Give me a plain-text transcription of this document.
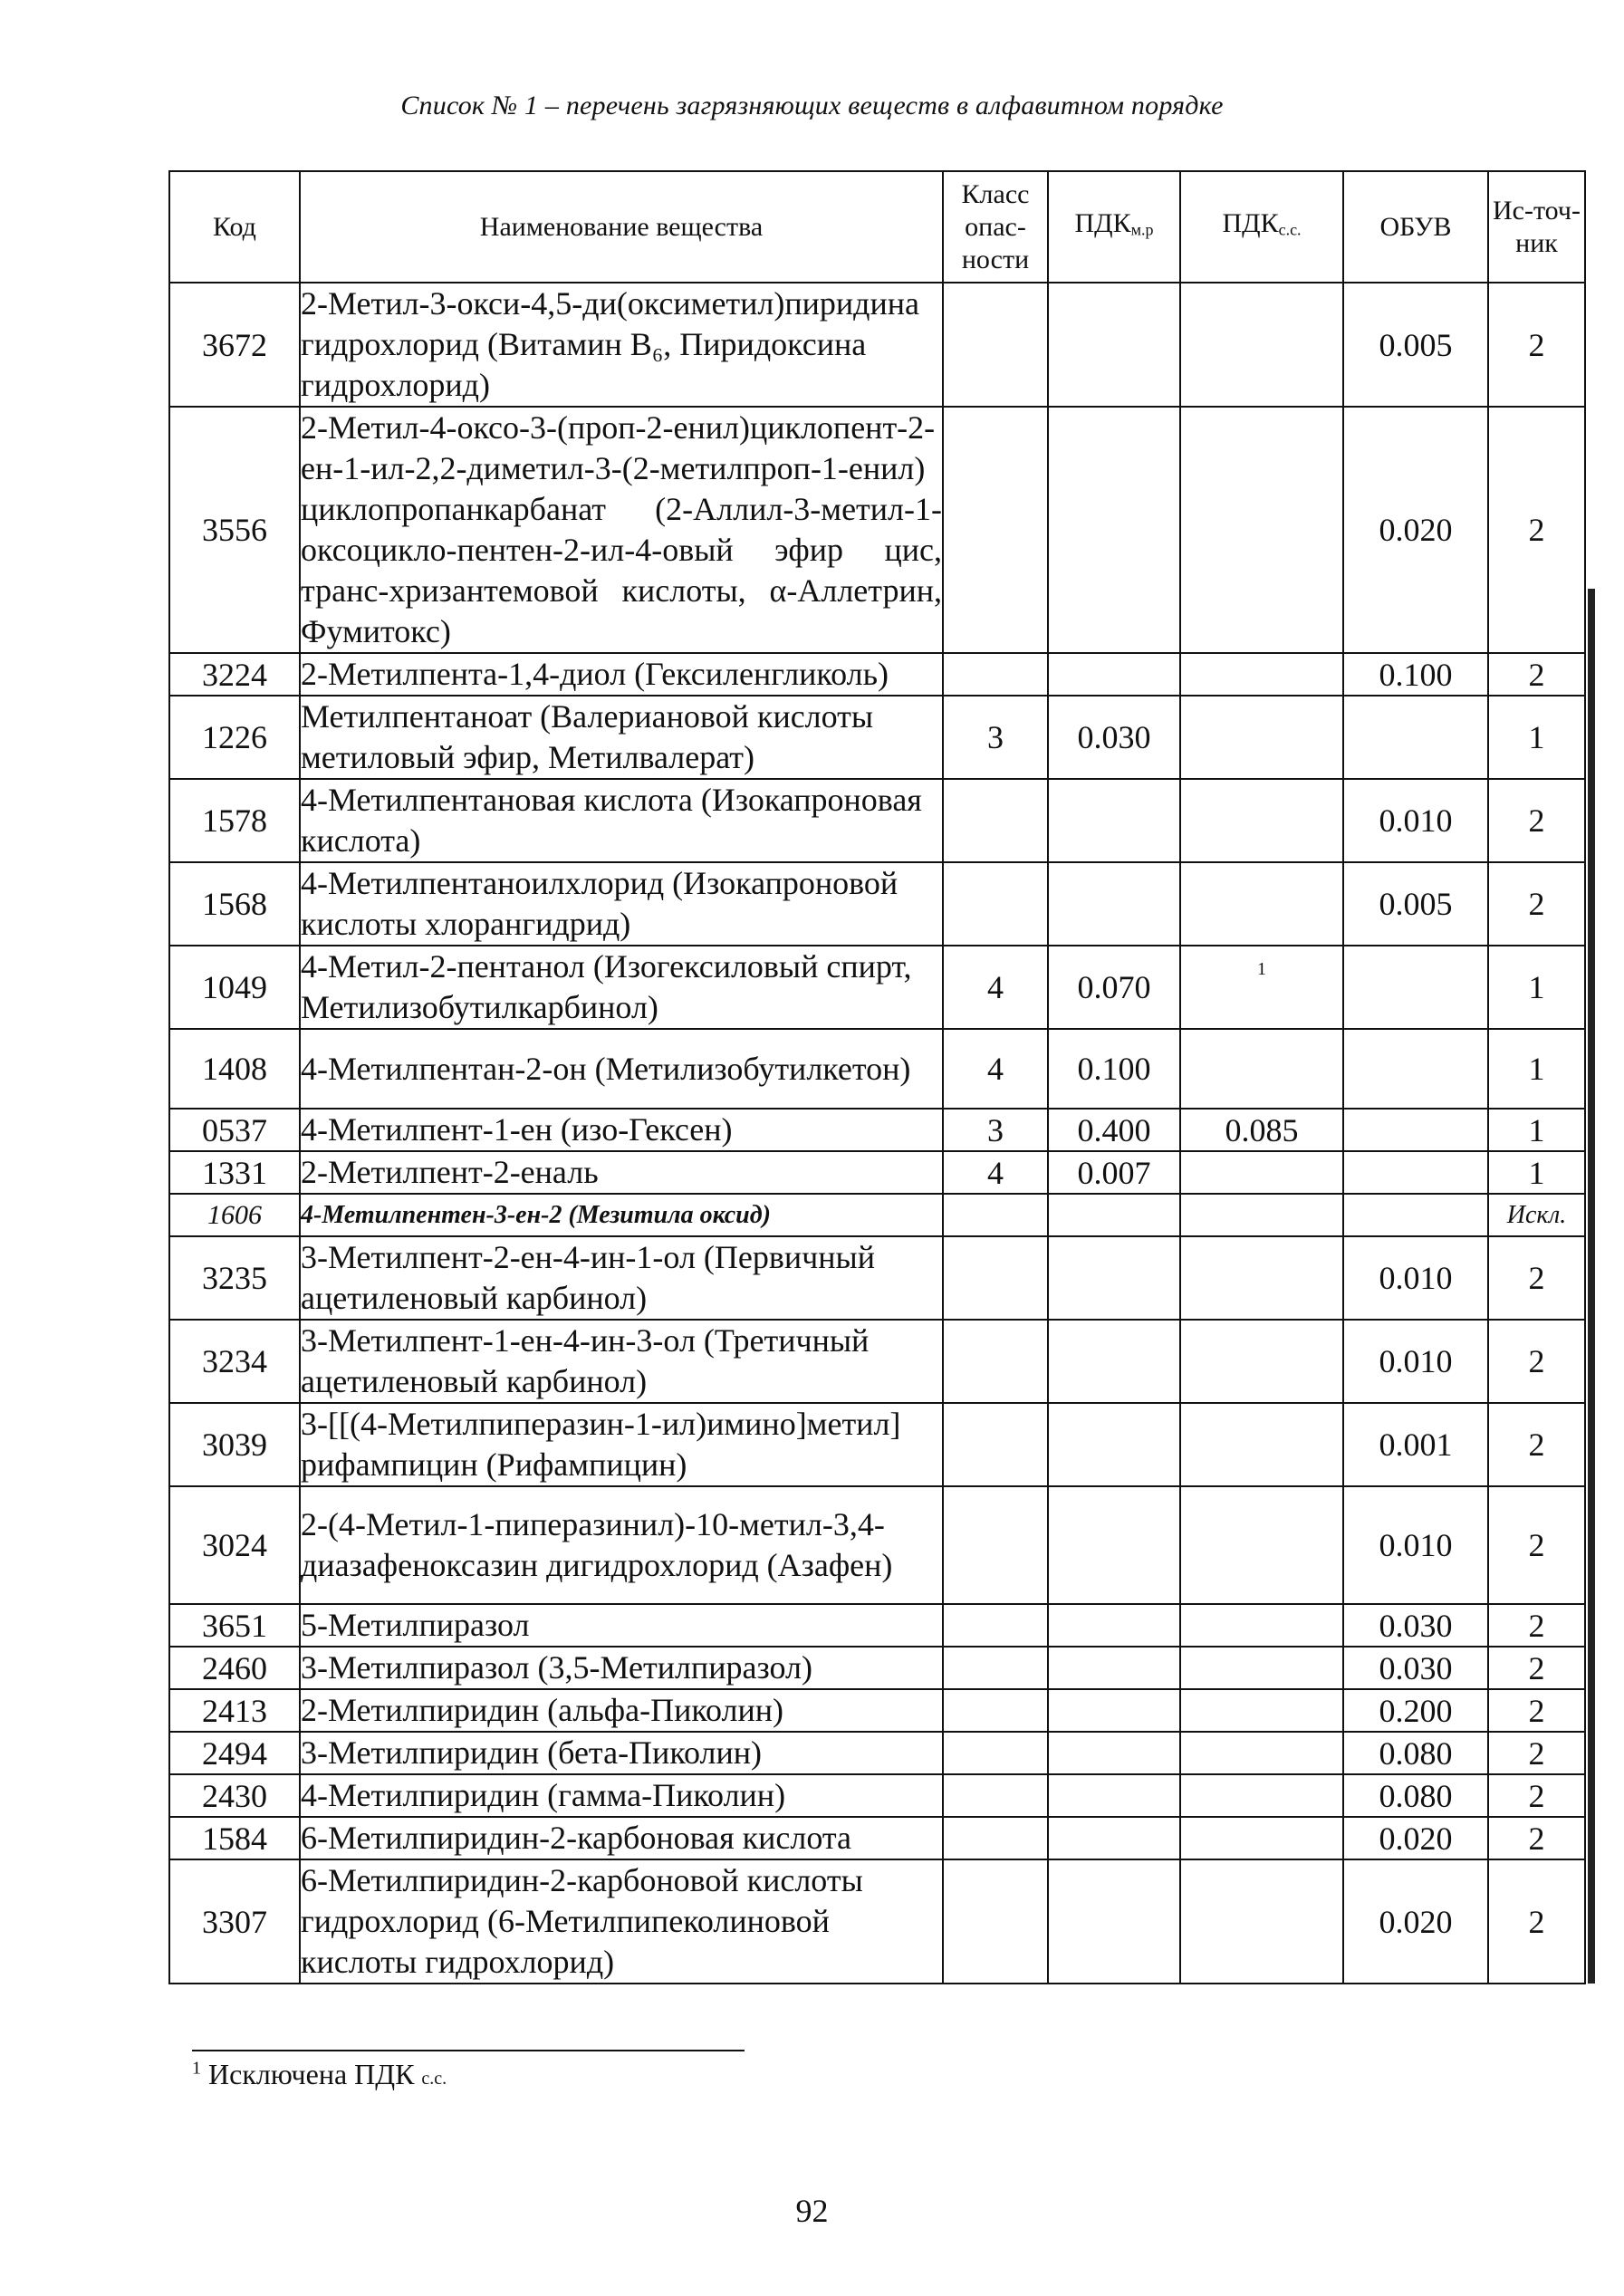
Список № 1 – перечень загрязняющих веществ в алфавитном порядке
Код	Наименование вещества	Класс опас-ности	$ПДК_{м.р}$	$ПДК_{с.с.}$	ОБУВ	Ис-точ-ник
3672	2-Метил-3-окси-4,5-ди(оксиметил)пиридина гидрохлорид (Витамин B₆, Пиридоксина гидрохлорид)				0.005	2
3556	2-Метил-4-оксо-3-(проп-2-енил)циклопент-2-ен-1-ил-2,2-диметил-3-(2-метилпроп-1-енил) циклопропанкарбанат (2-Аллил-3-метил-1-оксоцикло-пентен-2-ил-4-овый эфир цис, транс-хризантемовой кислоты, α-Аллетрин, Фумитокс)				0.020	2
3224	2-Метилпента-1,4-диол (Гексиленгликоль)				0.100	2
1226	Метилпентаноат (Валериановой кислоты метиловый эфир, Метилвалерат)	3	0.030			1
1578	4-Метилпентановая кислота (Изокапроновая кислота)				0.010	2
1568	4-Метилпентаноилхлорид (Изокапроновой кислоты хлорангидрид)				0.005	2
1049	4-Метил-2-пентанол (Изогексиловый спирт, Метилизобутилкарбинол)	4	0.070	1		1
1408	4-Метилпентан-2-он (Метилизобутилкетон)	4	0.100			1
0537	4-Метилпент-1-ен (изо-Гексен)	3	0.400	0.085		1
1331	2-Метилпент-2-еналь	4	0.007			1
1606	4-Метилпентен-3-ен-2 (Мезитила оксид)					Искл.
3235	3-Метилпент-2-ен-4-ин-1-ол (Первичный ацетиленовый карбинол)				0.010	2
3234	3-Метилпент-1-ен-4-ин-3-ол (Третичный ацетиленовый карбинол)				0.010	2
3039	3-[[(4-Метилпиперазин-1-ил)имино]метил] рифампицин (Рифампицин)				0.001	2
3024	2-(4-Метил-1-пиперазинил)-10-метил-3,4-диазафеноксазин дигидрохлорид (Азафен)				0.010	2
3651	5-Метилпиразол				0.030	2
2460	3-Метилпиразол (3,5-Метилпиразол)				0.030	2
2413	2-Метилпиридин (альфа-Пиколин)				0.200	2
2494	3-Метилпиридин (бета-Пиколин)				0.080	2
2430	4-Метилпиридин (гамма-Пиколин)				0.080	2
1584	6-Метилпиридин-2-карбоновая кислота				0.020	2
3307	6-Метилпиридин-2-карбоновой кислоты гидрохлорид (6-Метилпипеколиновой кислоты гидрохлорид)				0.020	2
$^1$ Исключена ПДК с.с.
92
